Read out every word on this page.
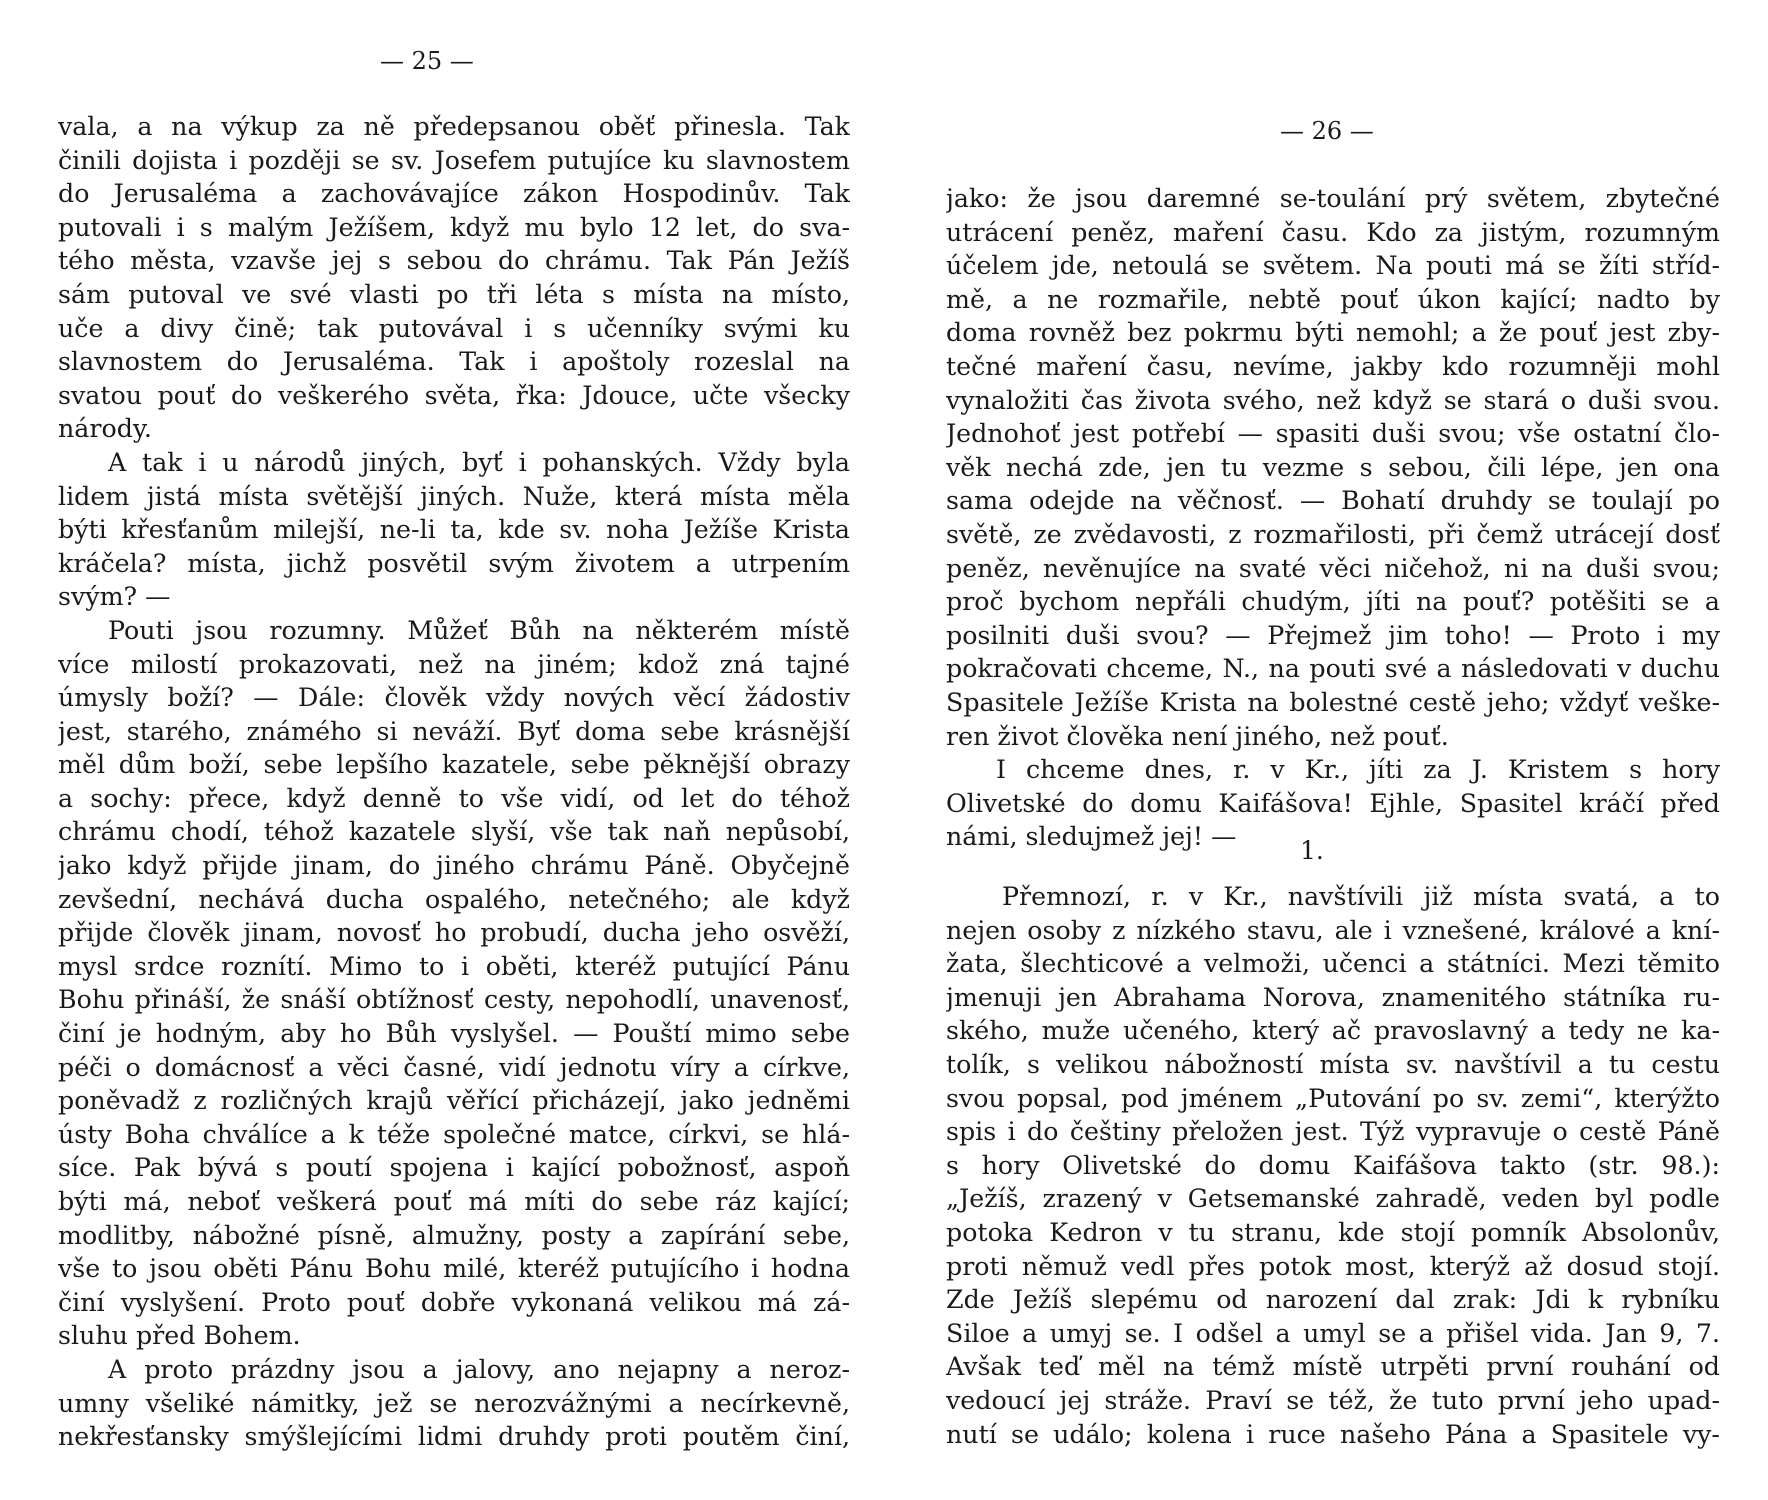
— 25 —
— 26 —
vala, a na výkup za ně předepsanou oběť přinesla. Tak
činili dojista i později se sv. Josefem putujíce ku slavnostem
do Jerusaléma a zachovávajíce zákon Hospodinův. Tak
putovali i s malým Ježíšem, když mu bylo 12 let, do sva-
tého města, vzavše jej s sebou do chrámu. Tak Pán Ježíš
sám putoval ve své vlasti po tři léta s místa na místo,
uče a divy čině; tak putovával i s učenníky svými ku
slavnostem do Jerusaléma. Tak i apoštoly rozeslal na
svatou pouť do veškerého světa, řka: Jdouce, učte všecky
národy.
A tak i u národů jiných, byť i pohanských. Vždy byla
lidem jistá místa světější jiných. Nuže, která místa měla
býti křesťanům milejší, ne-li ta, kde sv. noha Ježíše Krista
kráčela? místa, jichž posvětil svým životem a utrpením
svým? —
Pouti jsou rozumny. Můžeť Bůh na některém místě
více milostí prokazovati, než na jiném; kdož zná tajné
úmysly boží? — Dále: člověk vždy nových věcí žádostiv
jest, starého, známého si neváží. Byť doma sebe krásnější
měl dům boží, sebe lepšího kazatele, sebe pěknější obrazy
a sochy: přece, když denně to vše vidí, od let do téhož
chrámu chodí, téhož kazatele slyší, vše tak naň nepůsobí,
jako když přijde jinam, do jiného chrámu Páně. Obyčejně
zevšední, nechává ducha ospalého, netečného; ale když
přijde člověk jinam, novosť ho probudí, ducha jeho osvěží,
mysl srdce roznítí. Mimo to i oběti, kteréž putující Pánu
Bohu přináší, že snáší obtížnosť cesty, nepohodlí, unavenosť,
činí je hodným, aby ho Bůh vyslyšel. — Pouští mimo sebe
péči o domácnosť a věci časné, vidí jednotu víry a církve,
poněvadž z rozličných krajů věřící přicházejí, jako jedněmi
ústy Boha chválíce a k téže společné matce, církvi, se hlá-
síce. Pak bývá s poutí spojena i kající pobožnosť, aspoň
býti má, neboť veškerá pouť má míti do sebe ráz kající;
modlitby, nábožné písně, almužny, posty a zapírání sebe,
vše to jsou oběti Pánu Bohu milé, kteréž putujícího i hodna
činí vyslyšení. Proto pouť dobře vykonaná velikou má zá-
sluhu před Bohem.
A proto prázdny jsou a jalovy, ano nejapny a neroz-
umny všeliké námitky, jež se nerozvážnými a necírkevně,
nekřesťansky smýšlejícími lidmi druhdy proti poutěm činí,
jako: že jsou daremné se-toulání prý světem, zbytečné
utrácení peněz, maření času. Kdo za jistým, rozumným
účelem jde, netoulá se světem. Na pouti má se žíti stříd-
mě, a ne rozmařile, nebtě pouť úkon kající; nadto by
doma rovněž bez pokrmu býti nemohl; a že pouť jest zby-
tečné maření času, nevíme, jakby kdo rozumněji mohl
vynaložiti čas života svého, než když se stará o duši svou.
Jednohoť jest potřebí — spasiti duši svou; vše ostatní člo-
věk nechá zde, jen tu vezme s sebou, čili lépe, jen ona
sama odejde na věčnosť. — Bohatí druhdy se toulají po
světě, ze zvědavosti, z rozmařilosti, při čemž utrácejí dosť
peněz, nevěnujíce na svaté věci ničehož, ni na duši svou;
proč bychom nepřáli chudým, jíti na pouť? potěšiti se a
posilniti duši svou? — Přejmež jim toho! — Proto i my
pokračovati chceme, N., na pouti své a následovati v duchu
Spasitele Ježíše Krista na bolestné cestě jeho; vždyť veške-
ren život člověka není jiného, než pouť.
I chceme dnes, r. v Kr., jíti za J. Kristem s hory
Olivetské do domu Kaifášova! Ejhle, Spasitel kráčí před
námi, sledujmež jej! —	1.
Přemnozí, r. v Kr., navštívili již místa svatá, a to
nejen osoby z nízkého stavu, ale i vznešené, králové a kní-
žata, šlechticové a velmoži, učenci a státníci. Mezi těmito
jmenuji jen Abrahama Norova, znamenitého státníka ru-
ského, muže učeného, který ač pravoslavný a tedy ne ka-
tolík, s velikou nábožností místa sv. navštívil a tu cestu
svou popsal, pod jménem „Putování po sv. zemi“, kterýžto
spis i do češtiny přeložen jest. Týž vypravuje o cestě Páně
s hory Olivetské do domu Kaifášova takto (str. 98.):
„Ježíš, zrazený v Getsemanské zahradě, veden byl podle
potoka Kedron v tu stranu, kde stojí pomník Absolonův,
proti němuž vedl přes potok most, kterýž až dosud stojí.
Zde Ježíš slepému od narození dal zrak: Jdi k rybníku
Siloe a umyj se. I odšel a umyl se a přišel vida. Jan 9, 7.
Avšak teď měl na témž místě utrpěti první rouhání od
vedoucí jej stráže. Praví se též, že tuto první jeho upad-
nutí se událo; kolena i ruce našeho Pána a Spasitele vy-
